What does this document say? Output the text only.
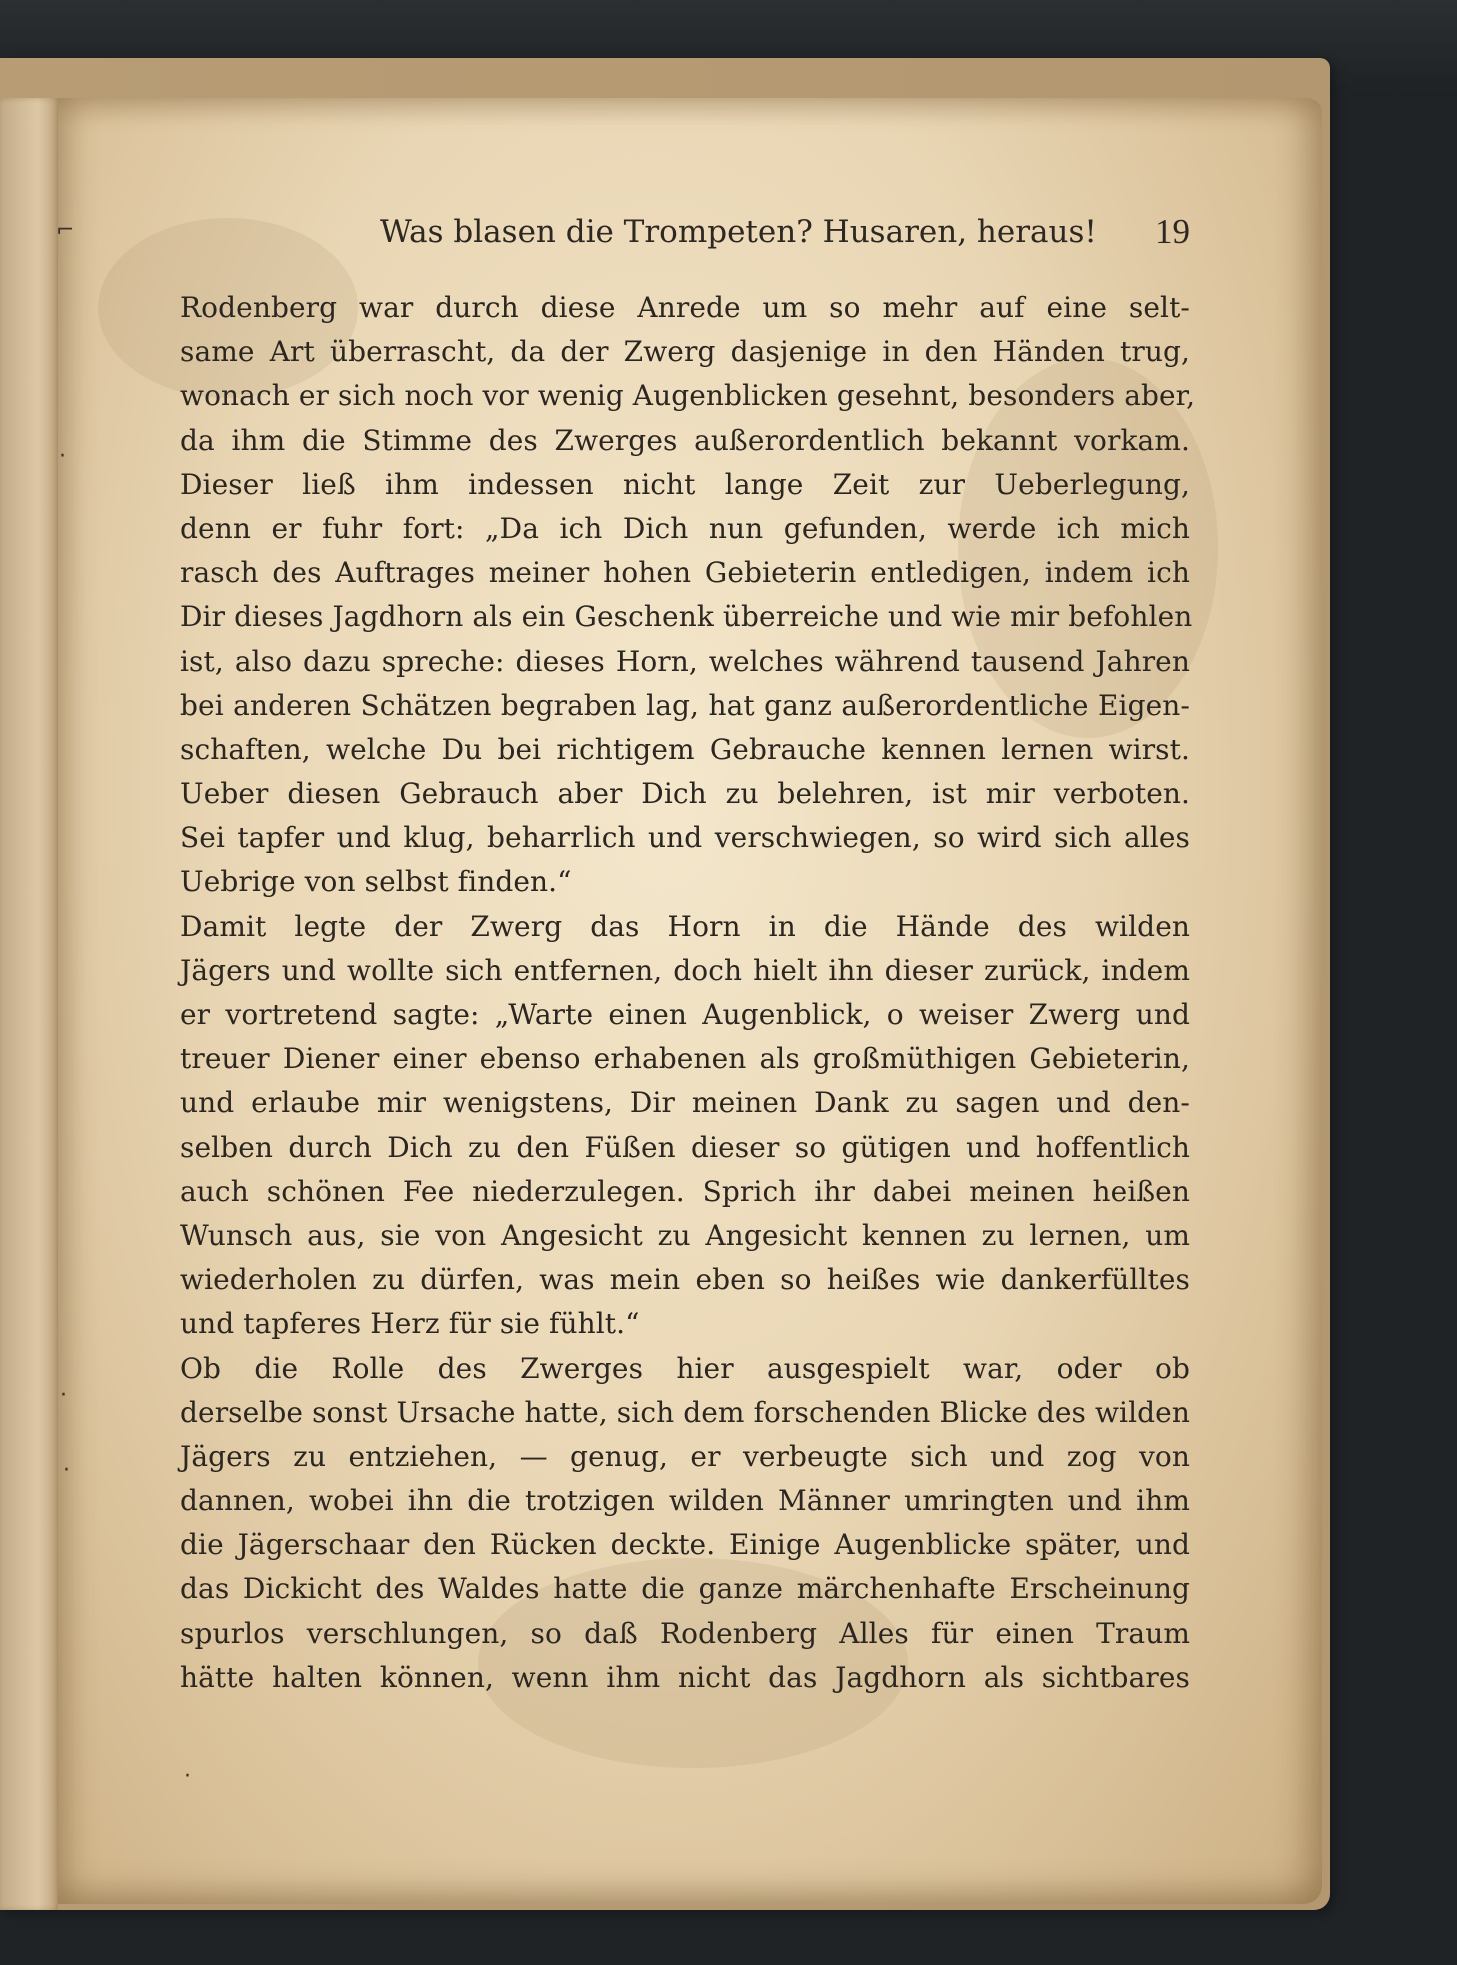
Was blasen die Trompeten? Husaren, heraus! 19
Rodenberg war durch diese Anrede um so mehr auf eine selt-
same Art überrascht, da der Zwerg dasjenige in den Händen trug,
wonach er sich noch vor wenig Augenblicken gesehnt, besonders aber,
da ihm die Stimme des Zwerges außerordentlich bekannt vorkam.
Dieser ließ ihm indessen nicht lange Zeit zur Ueberlegung,
denn er fuhr fort: „Da ich Dich nun gefunden, werde ich mich
rasch des Auftrages meiner hohen Gebieterin entledigen, indem ich
Dir dieses Jagdhorn als ein Geschenk überreiche und wie mir befohlen
ist, also dazu spreche: dieses Horn, welches während tausend Jahren
bei anderen Schätzen begraben lag, hat ganz außerordentliche Eigen-
schaften, welche Du bei richtigem Gebrauche kennen lernen wirst.
Ueber diesen Gebrauch aber Dich zu belehren, ist mir verboten.
Sei tapfer und klug, beharrlich und verschwiegen, so wird sich alles
Uebrige von selbst finden.“
Damit legte der Zwerg das Horn in die Hände des wilden
Jägers und wollte sich entfernen, doch hielt ihn dieser zurück, indem
er vortretend sagte: „Warte einen Augenblick, o weiser Zwerg und
treuer Diener einer ebenso erhabenen als großmüthigen Gebieterin,
und erlaube mir wenigstens, Dir meinen Dank zu sagen und den-
selben durch Dich zu den Füßen dieser so gütigen und hoffentlich
auch schönen Fee niederzulegen. Sprich ihr dabei meinen heißen
Wunsch aus, sie von Angesicht zu Angesicht kennen zu lernen, um
wiederholen zu dürfen, was mein eben so heißes wie dankerfülltes
und tapferes Herz für sie fühlt.“
Ob die Rolle des Zwerges hier ausgespielt war, oder ob
derselbe sonst Ursache hatte, sich dem forschenden Blicke des wilden
Jägers zu entziehen, — genug, er verbeugte sich und zog von
dannen, wobei ihn die trotzigen wilden Männer umringten und ihm
die Jägerschaar den Rücken deckte. Einige Augenblicke später, und
das Dickicht des Waldes hatte die ganze märchenhafte Erscheinung
spurlos verschlungen, so daß Rodenberg Alles für einen Traum
hätte halten können, wenn ihm nicht das Jagdhorn als sichtbares
⌐
·
·
·
·
